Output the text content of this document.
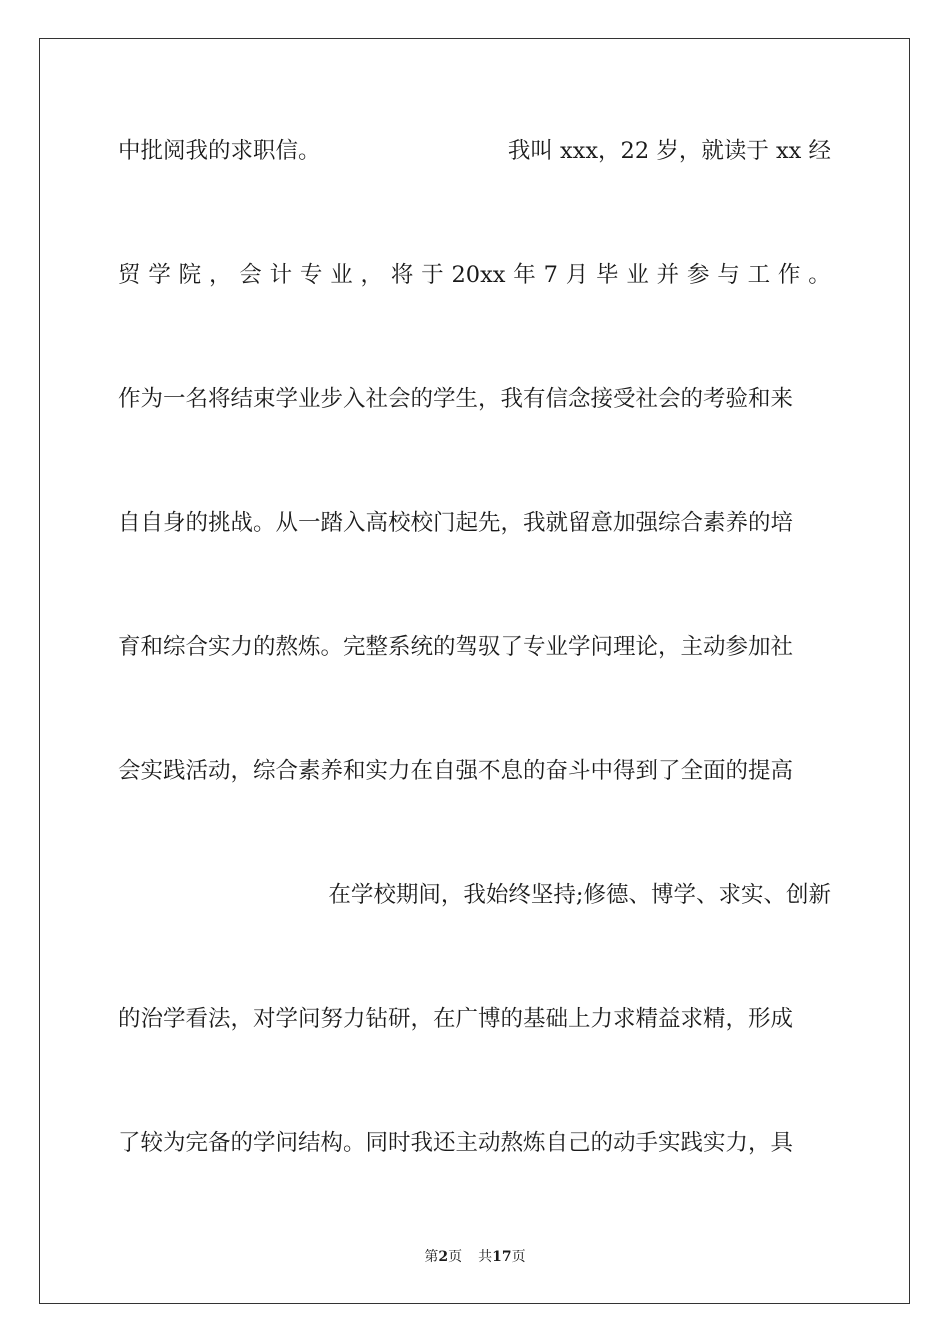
中批阅我的求职信。	我叫 xxx，22 岁，就读于 xx 经
贸 学 院 ， 会 计 专 业 ， 将 于 20xx 年 7 月 毕 业 并 参 与 工 作 。
作为一名将结束学业步入社会的学生，我有信念接受社会的考验和来
自自身的挑战。从一踏入高校校门起先，我就留意加强综合素养的培
育和综合实力的熬炼。完整系统的驾驭了专业学问理论，主动参加社
会实践活动，综合素养和实力在自强不息的奋斗中得到了全面的提高
在学校期间，我始终坚持;修德、博学、求实、创新
的治学看法，对学问努力钻研，在广博的基础上力求精益求精，形成
了较为完备的学问结构。同时我还主动熬炼自己的动手实践实力，具
第2页 共17页
